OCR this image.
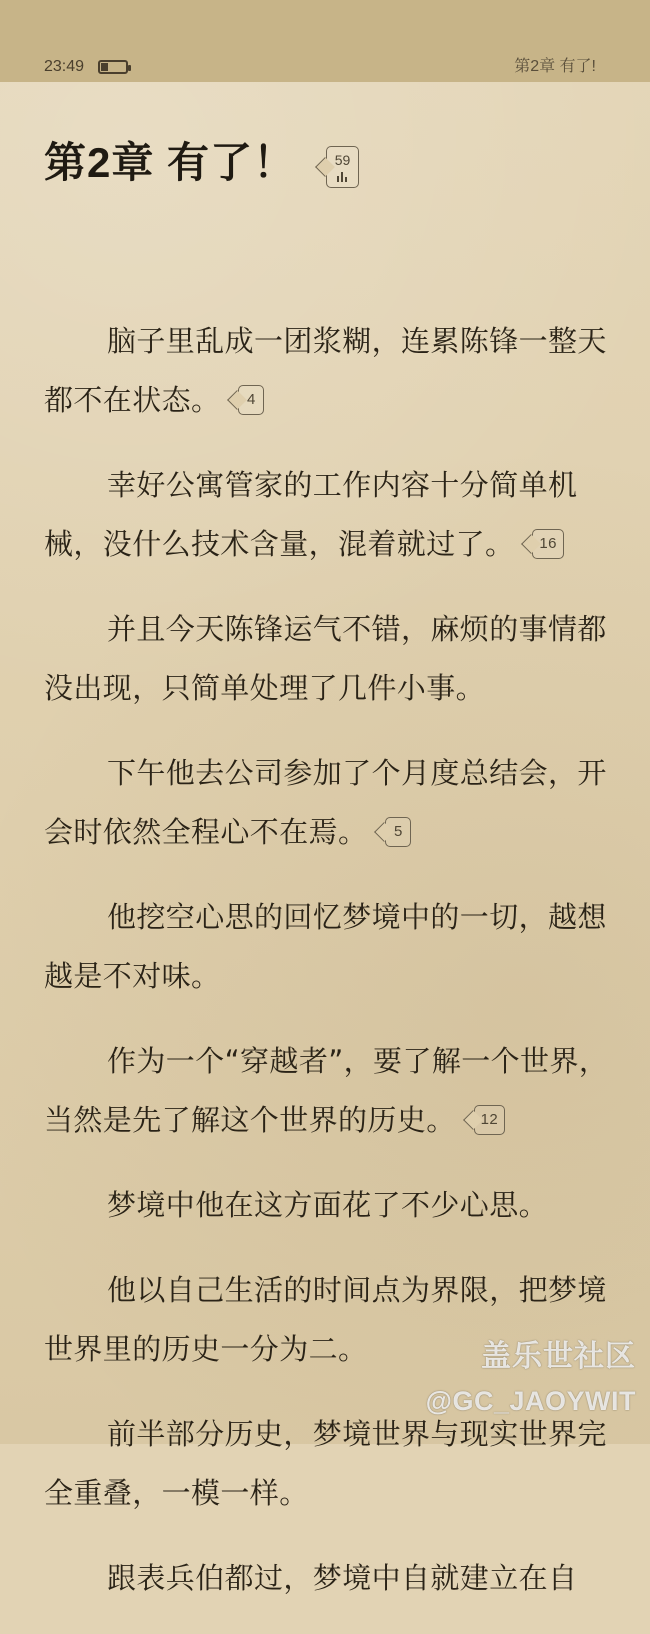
23:49	第2章 有了!
第2章 有了！	59

脑子里乱成一团浆糊，连累陈锋一整天都不在状态。 4

幸好公寓管家的工作内容十分简单机械，没什么技术含量，混着就过了。 16

并且今天陈锋运气不错，麻烦的事情都没出现，只简单处理了几件小事。

下午他去公司参加了个月度总结会，开会时依然全程心不在焉。 5

他挖空心思的回忆梦境中的一切，越想越是不对味。

作为一个“穿越者”，要了解一个世界，当然是先了解这个世界的历史。 12

梦境中他在这方面花了不少心思。

他以自己生活的时间点为界限，把梦境世界里的历史一分为二。

前半部分历史，梦境世界与现实世界完全重叠，一模一样。

跟表兵伯都过，梦境中自就建立在自

盖乐世社区
@GC_JAOYWIT
